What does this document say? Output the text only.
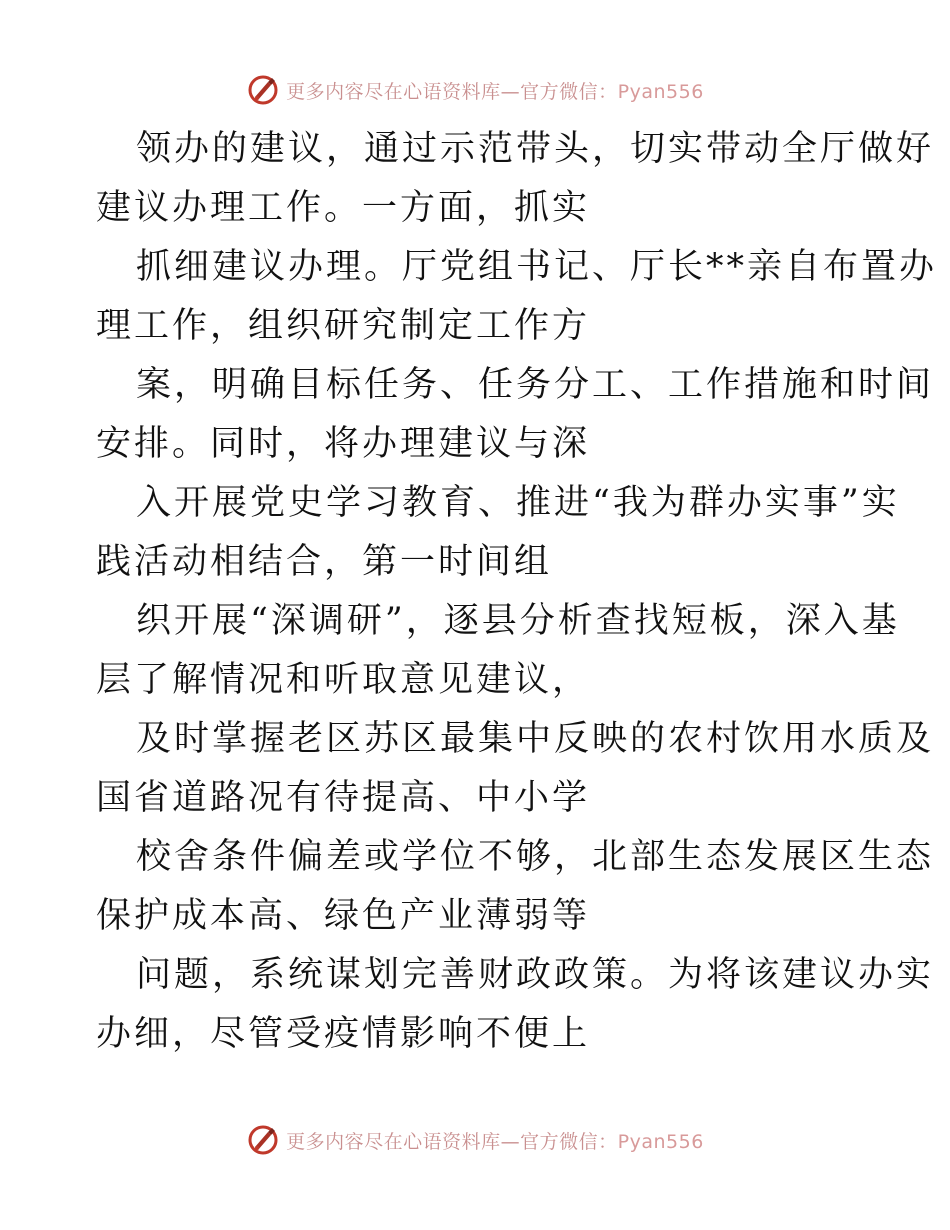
更多内容尽在心语资料库—官方微信：Pyan556
领办的建议，通过示范带头，切实带动全厅做好
建议办理工作。一方面，抓实
抓细建议办理。厅党组书记、厅长**亲自布置办
理工作，组织研究制定工作方
案，明确目标任务、任务分工、工作措施和时间
安排。同时，将办理建议与深
入开展党史学习教育、推进“我为群办实事”实
践活动相结合，第一时间组
织开展“深调研”，逐县分析查找短板，深入基
层了解情况和听取意见建议，
及时掌握老区苏区最集中反映的农村饮用水质及
国省道路况有待提高、中小学
校舍条件偏差或学位不够，北部生态发展区生态
保护成本高、绿色产业薄弱等
问题，系统谋划完善财政政策。为将该建议办实
办细，尽管受疫情影响不便上
更多内容尽在心语资料库—官方微信：Pyan556
